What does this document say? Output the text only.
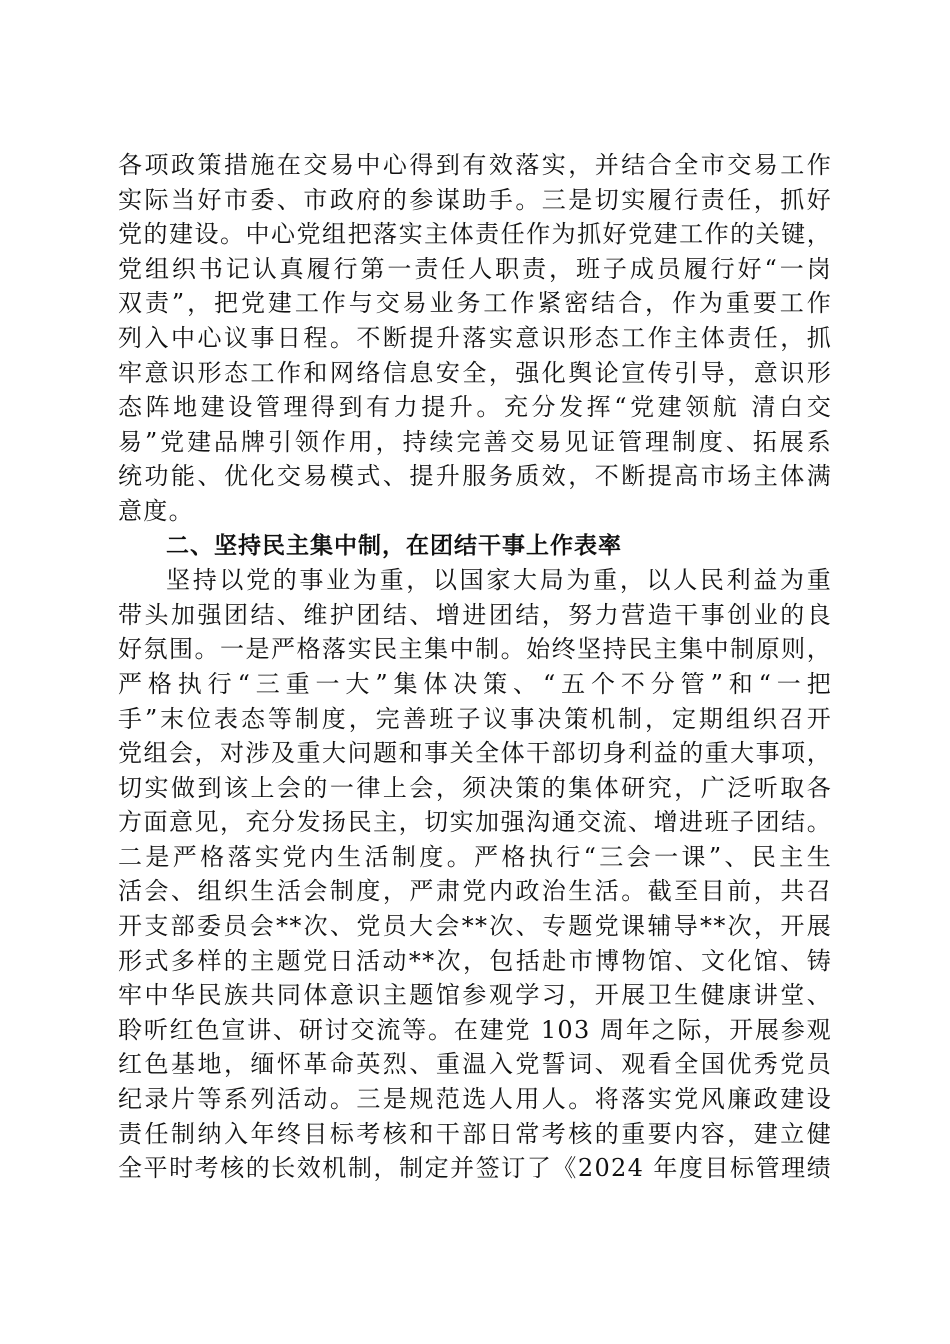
各项政策措施在交易中心得到有效落实，并结合全市交易工作
实际当好市委、市政府的参谋助手。三是切实履行责任，抓好
党的建设。中心党组把落实主体责任作为抓好党建工作的关键，
党组织书记认真履行第一责任人职责，班子成员履行好“一岗
双责”，把党建工作与交易业务工作紧密结合，作为重要工作
列入中心议事日程。不断提升落实意识形态工作主体责任，抓
牢意识形态工作和网络信息安全，强化舆论宣传引导，意识形
态阵地建设管理得到有力提升。充分发挥“党建领航 清白交
易”党建品牌引领作用，持续完善交易见证管理制度、拓展系
统功能、优化交易模式、提升服务质效，不断提高市场主体满
意度。
二、坚持民主集中制，在团结干事上作表率
坚持以党的事业为重，以国家大局为重，以人民利益为重
带头加强团结、维护团结、增进团结，努力营造干事创业的良
好氛围。一是严格落实民主集中制。始终坚持民主集中制原则，
严格执行“三重一大”集体决策、“五个不分管”和“一把
手”末位表态等制度，完善班子议事决策机制，定期组织召开
党组会，对涉及重大问题和事关全体干部切身利益的重大事项，
切实做到该上会的一律上会，须决策的集体研究，广泛听取各
方面意见，充分发扬民主，切实加强沟通交流、增进班子团结。
二是严格落实党内生活制度。严格执行“三会一课”、民主生
活会、组织生活会制度，严肃党内政治生活。截至目前，共召
开支部委员会**次、党员大会**次、专题党课辅导**次，开展
形式多样的主题党日活动**次，包括赴市博物馆、文化馆、铸
牢中华民族共同体意识主题馆参观学习，开展卫生健康讲堂、
聆听红色宣讲、研讨交流等。在建党 103 周年之际，开展参观
红色基地，缅怀革命英烈、重温入党誓词、观看全国优秀党员
纪录片等系列活动。三是规范选人用人。将落实党风廉政建设
责任制纳入年终目标考核和干部日常考核的重要内容，建立健
全平时考核的长效机制，制定并签订了《2024 年度目标管理绩
